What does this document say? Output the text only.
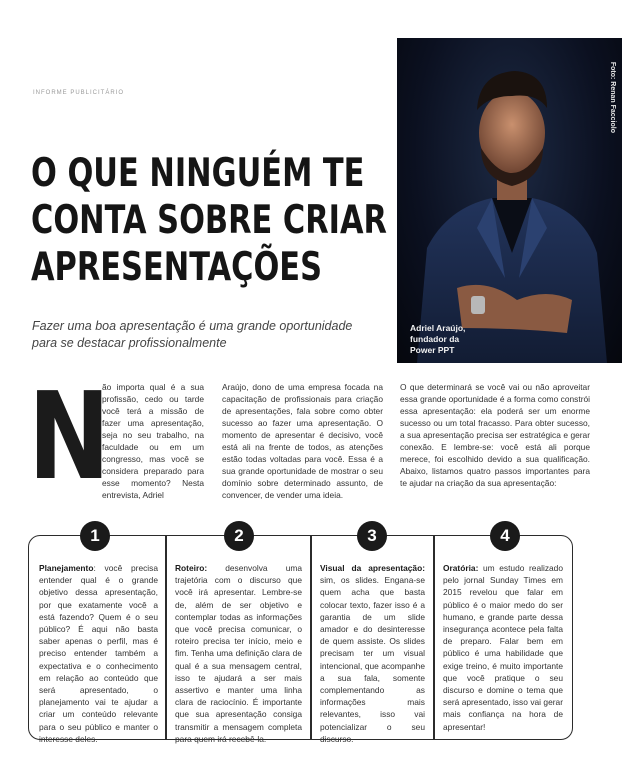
INFORME PUBLICITÁRIO
O QUE NINGUÉM TE
CONTA SOBRE CRIAR
APRESENTAÇÕES
Fazer uma boa apresentação é uma grande oportunidade para se destacar profissionalmente
Foto: Renan Facciolo
Adriel Araújo,
fundador da
Power PPT
N

ão importa qual é a sua profissão, cedo ou tarde você terá a missão de fazer uma apresentação, seja no seu trabalho, na faculdade ou em um congresso, mas você se considera preparado para esse momento? Nesta entrevista, Adriel

Araújo, dono de uma empresa focada na capacitação de profissionais para criação de apresentações, fala sobre como obter sucesso ao fazer uma apresentação. O momento de apresentar é decisivo, você está ali na frente de todos, as atenções estão todas voltadas para você. Essa é a sua grande oportunidade de mostrar o seu domínio sobre determinado assunto, de convencer, de vender uma ideia.

O que determinará se você vai ou não aproveitar essa grande oportunidade é a forma como constrói essa apresentação: ela poderá ser um enorme sucesso ou um total fracasso. Para obter sucesso, a sua apresentação precisa ser estratégica e gerar conexão. E lembre-se: você está ali porque merece, foi escolhido devido a sua qualificação. Abaixo, listamos quatro passos importantes para te ajudar na criação da sua apresentação:

1	2	3	4

Planejamento: você precisa entender qual é o grande objetivo dessa apresentação, por que exatamente você a está fazendo? Quem é o seu público? É aqui não basta saber apenas o perfil, mas é preciso entender também a expectativa e o conhecimento em relação ao conteúdo que será apresentado, o planejamento vai te ajudar a criar um conteúdo relevante para o seu público e manter o interesse deles.

Roteiro: desenvolva uma trajetória com o discurso que você irá apresentar. Lembre-se de, além de ser objetivo e contemplar todas as informações que você precisa comunicar, o roteiro precisa ter início, meio e fim. Tenha uma definição clara de qual é a sua mensagem central, isso te ajudará a ser mais assertivo e manter uma linha clara de raciocínio. É importante que sua apresentação consiga transmitir a mensagem completa para quem irá recebê-la.

Visual da apresentação: sim, os slides. Engana-se quem acha que basta colocar texto, fazer isso é a garantia de um slide amador e do desinteresse de quem assiste. Os slides precisam ter um visual intencional, que acompanhe a sua fala, somente complementando as informações mais relevantes, isso vai potencializar o seu discurso.

Oratória: um estudo realizado pelo jornal Sunday Times em 2015 revelou que falar em público é o maior medo do ser humano, e grande parte dessa insegurança acontece pela falta de preparo. Falar bem em público é uma habilidade que exige treino, é muito importante que você pratique o seu discurso e domine o tema que será apresentado, isso vai gerar mais confiança na hora de apresentar!
